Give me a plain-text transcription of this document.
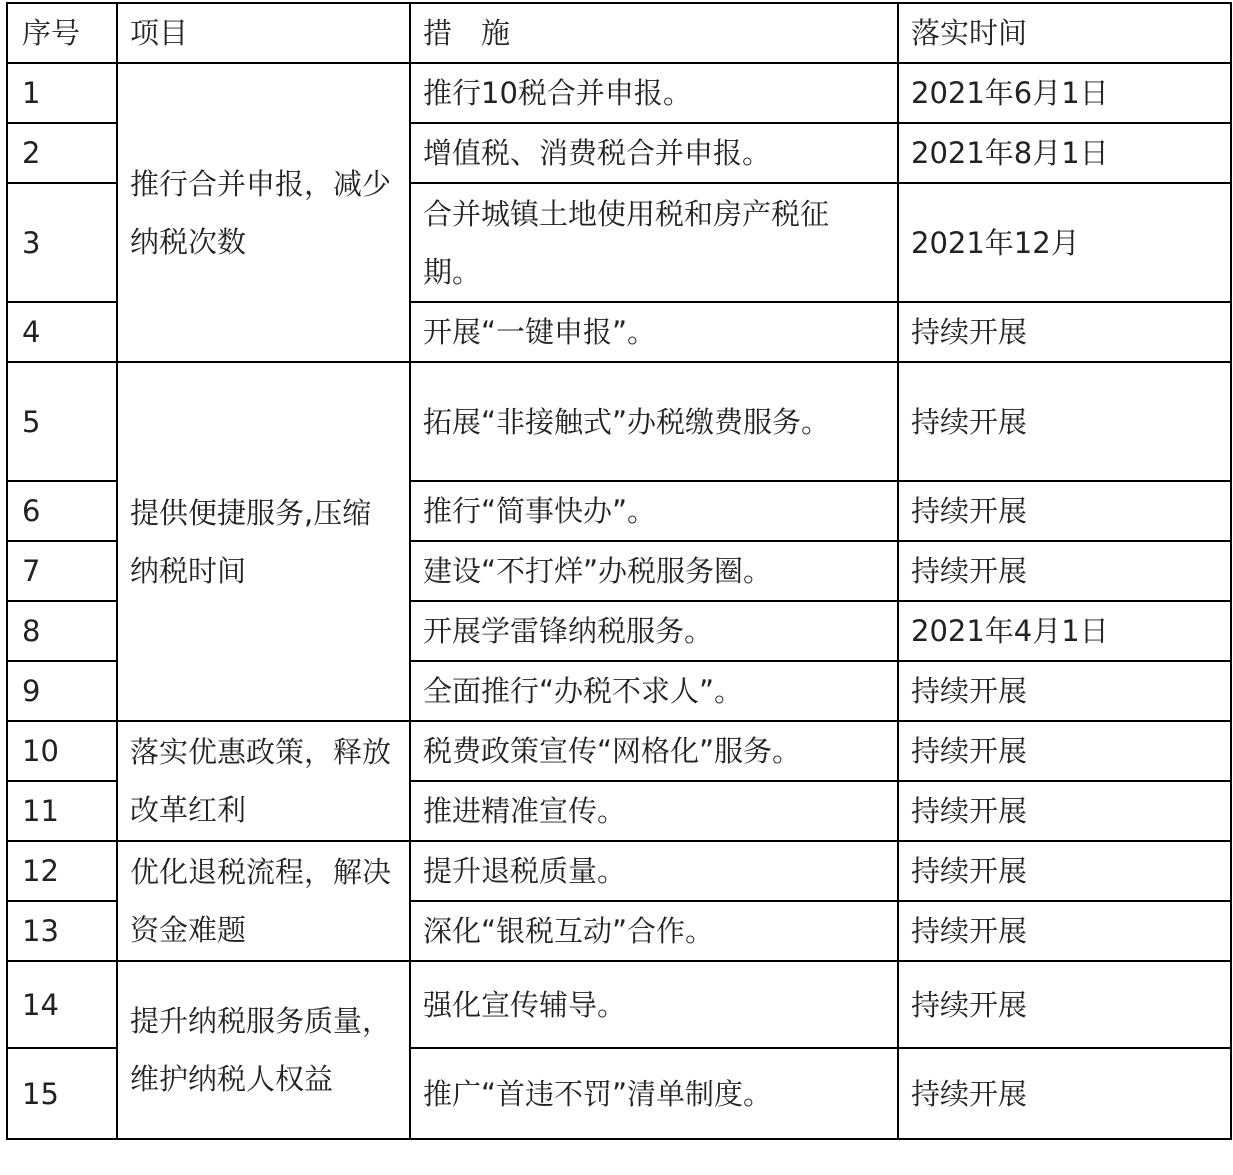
序号	项目	措　施	落实时间
1	推行合并申报，减少纳税次数	推行10税合并申报。	2021年6月1日
2		增值税、消费税合并申报。	2021年8月1日
3		合并城镇土地使用税和房产税征期。	2021年12月
4		开展“一键申报”。	持续开展
5	提供便捷服务,压缩纳税时间	拓展“非接触式”办税缴费服务。	持续开展
6		推行“简事快办”。	持续开展
7		建设“不打烊”办税服务圈。	持续开展
8		开展学雷锋纳税服务。	2021年4月1日
9		全面推行“办税不求人”。	持续开展
10	落实优惠政策，释放改革红利	税费政策宣传“网格化”服务。	持续开展
11		推进精准宣传。	持续开展
12	优化退税流程，解决资金难题	提升退税质量。	持续开展
13		深化“银税互动”合作。	持续开展
14	提升纳税服务质量，维护纳税人权益	强化宣传辅导。	持续开展
15		推广“首违不罚”清单制度。	持续开展
